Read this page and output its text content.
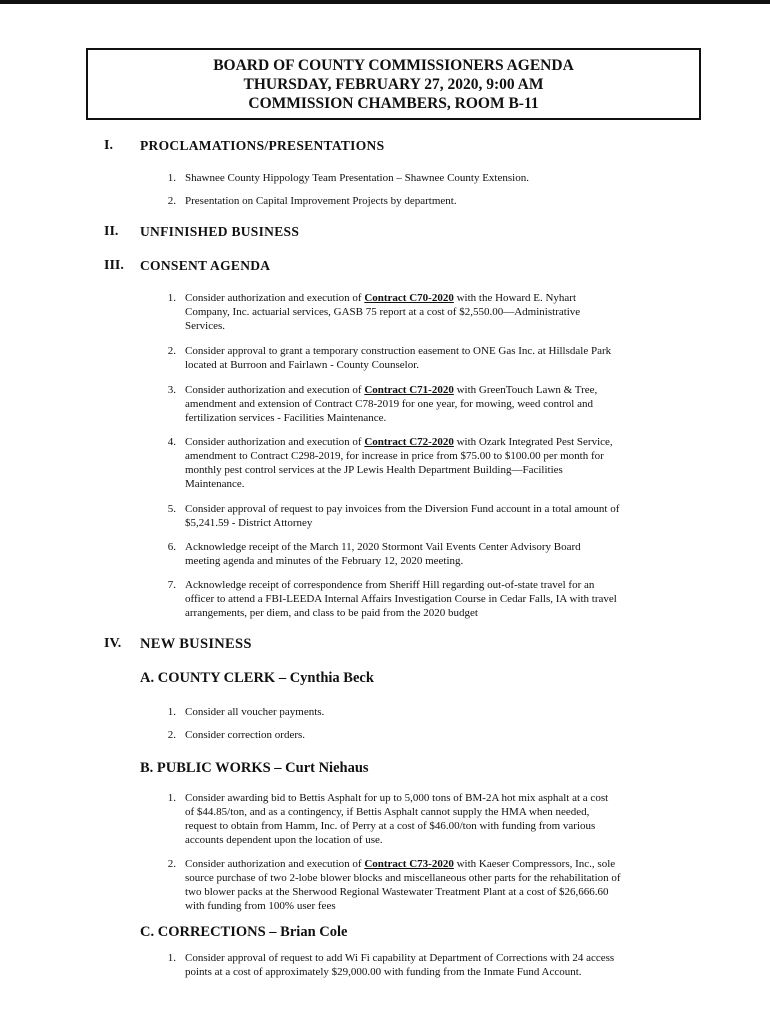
BOARD OF COUNTY COMMISSIONERS AGENDA
THURSDAY, FEBRUARY 27, 2020, 9:00 AM
COMMISSION CHAMBERS, ROOM B-11
I. PROCLAMATIONS/PRESENTATIONS
1. Shawnee County Hippology Team Presentation – Shawnee County Extension.
2. Presentation on Capital Improvement Projects by department.
II. UNFINISHED BUSINESS
III. CONSENT AGENDA
1. Consider authorization and execution of Contract C70-2020 with the Howard E. Nyhart
Company, Inc. actuarial services, GASB 75 report at a cost of $2,550.00—Administrative
Services.
2. Consider approval to grant a temporary construction easement to ONE Gas Inc. at Hillsdale Park
located at Burroon and Fairlawn - County Counselor.
3. Consider authorization and execution of Contract C71-2020 with GreenTouch Lawn & Tree,
amendment and extension of Contract C78-2019 for one year, for mowing, weed control and
fertilization services - Facilities Maintenance.
4. Consider authorization and execution of Contract C72-2020 with Ozark Integrated Pest Service,
amendment to Contract C298-2019, for increase in price from $75.00 to $100.00 per month for
monthly pest control services at the JP Lewis Health Department Building—Facilities
Maintenance.
5. Consider approval of request to pay invoices from the Diversion Fund account in a total amount of
$5,241.59 - District Attorney
6. Acknowledge receipt of the March 11, 2020 Stormont Vail Events Center Advisory Board
meeting agenda and minutes of the February 12, 2020 meeting.
7. Acknowledge receipt of correspondence from Sheriff Hill regarding out-of-state travel for an
officer to attend a FBI-LEEDA Internal Affairs Investigation Course in Cedar Falls, IA with travel
arrangements, per diem, and class to be paid from the 2020 budget
IV. NEW BUSINESS
A. COUNTY CLERK – Cynthia Beck
1. Consider all voucher payments.
2. Consider correction orders.
B. PUBLIC WORKS – Curt Niehaus
1. Consider awarding bid to Bettis Asphalt for up to 5,000 tons of BM-2A hot mix asphalt at a cost
of $44.85/ton, and as a contingency, if Bettis Asphalt cannot supply the HMA when needed,
request to obtain from Hamm, Inc. of Perry at a cost of $46.00/ton with funding from various
accounts dependent upon the location of use.
2. Consider authorization and execution of Contract C73-2020 with Kaeser Compressors, Inc., sole
source purchase of two 2-lobe blower blocks and miscellaneous other parts for the rehabilitation of
two blower packs at the Sherwood Regional Wastewater Treatment Plant at a cost of $26,666.60
with funding from 100% user fees
C. CORRECTIONS – Brian Cole
1. Consider approval of request to add Wi Fi capability at Department of Corrections with 24 access
points at a cost of approximately $29,000.00 with funding from the Inmate Fund Account.
